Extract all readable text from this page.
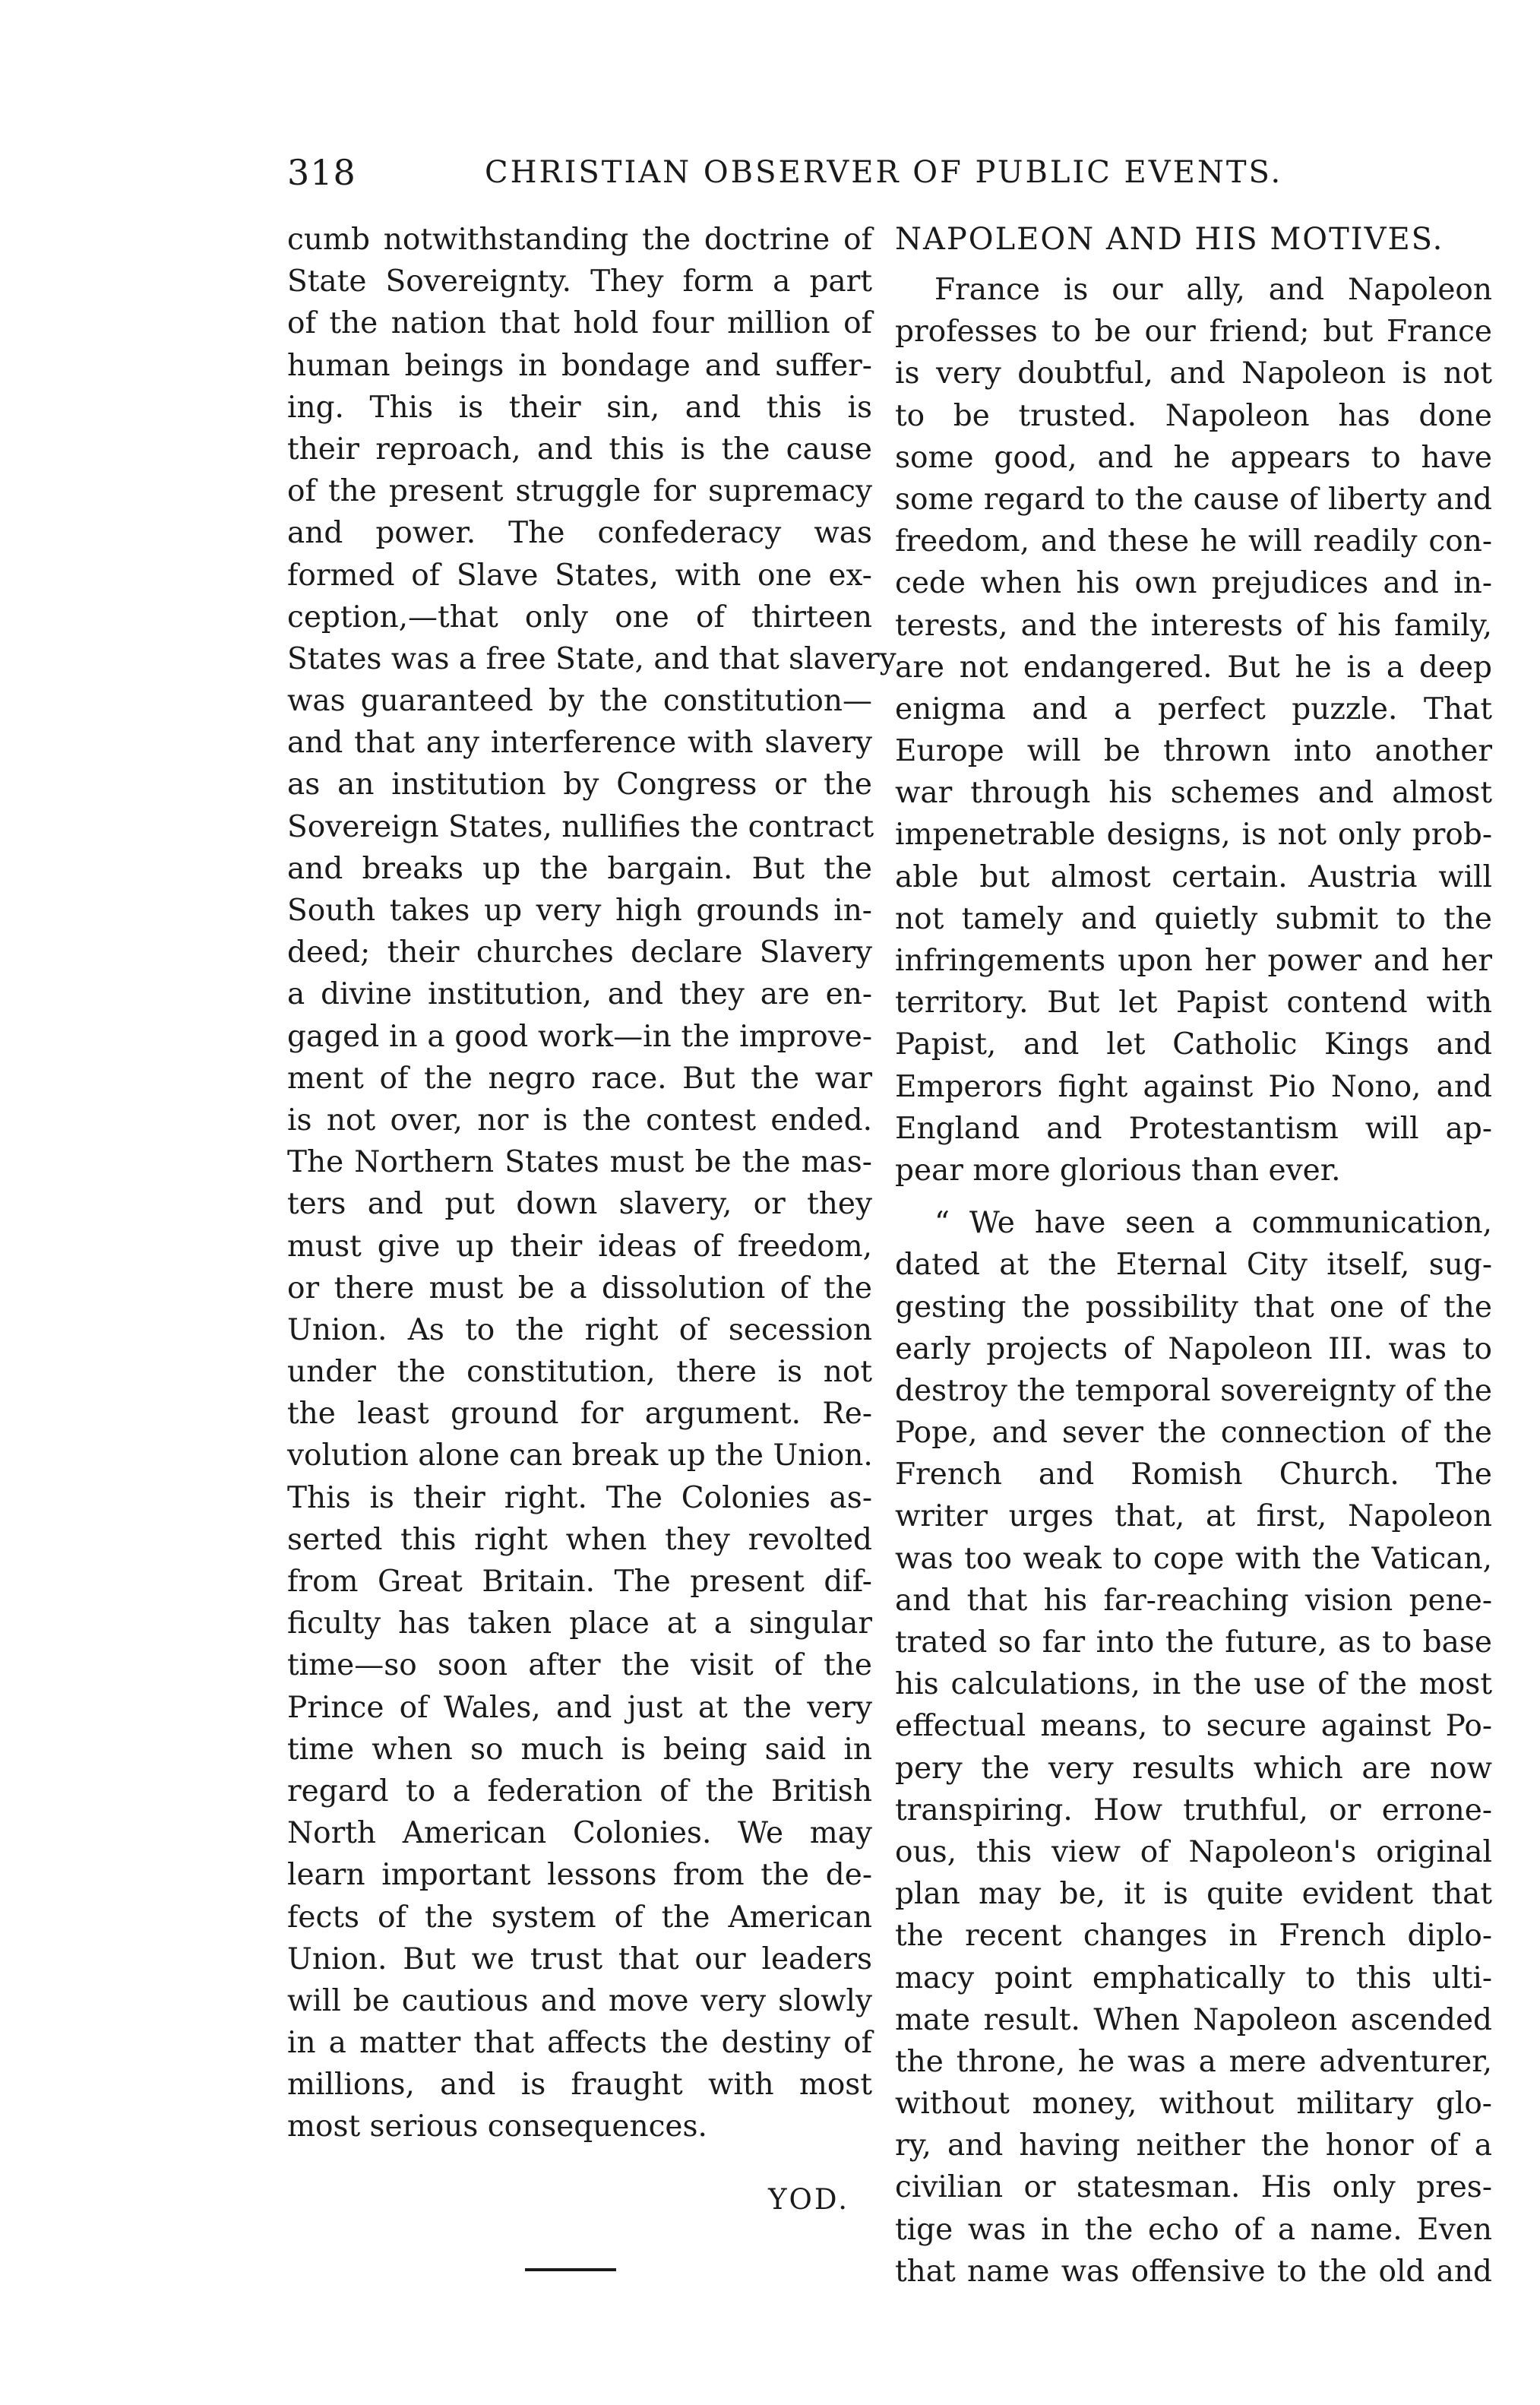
318	CHRISTIAN OBSERVER OF PUBLIC EVENTS.
cumb notwithstanding the doctrine of
State Sovereignty. They form a part
of the nation that hold four million of
human beings in bondage and suffer-
ing. This is their sin, and this is
their reproach, and this is the cause
of the present struggle for supremacy
and power. The confederacy was
formed of Slave States, with one ex-
ception,—that only one of thirteen
States was a free State, and that slavery
was guaranteed by the constitution—
and that any interference with slavery
as an institution by Congress or the
Sovereign States, nullifies the contract
and breaks up the bargain. But the
South takes up very high grounds in-
deed; their churches declare Slavery
a divine institution, and they are en-
gaged in a good work—in the improve-
ment of the negro race. But the war
is not over, nor is the contest ended.
The Northern States must be the mas-
ters and put down slavery, or they
must give up their ideas of freedom,
or there must be a dissolution of the
Union. As to the right of secession
under the constitution, there is not
the least ground for argument. Re-
volution alone can break up the Union.
This is their right. The Colonies as-
serted this right when they revolted
from Great Britain. The present dif-
ficulty has taken place at a singular
time—so soon after the visit of the
Prince of Wales, and just at the very
time when so much is being said in
regard to a federation of the British
North American Colonies. We may
learn important lessons from the de-
fects of the system of the American
Union. But we trust that our leaders
will be cautious and move very slowly
in a matter that affects the destiny of
millions, and is fraught with most
most serious consequences.
YOD.
NAPOLEON AND HIS MOTIVES.
France is our ally, and Napoleon
professes to be our friend; but France
is very doubtful, and Napoleon is not
to be trusted. Napoleon has done
some good, and he appears to have
some regard to the cause of liberty and
freedom, and these he will readily con-
cede when his own prejudices and in-
terests, and the interests of his family,
are not endangered. But he is a deep
enigma and a perfect puzzle. That
Europe will be thrown into another
war through his schemes and almost
impenetrable designs, is not only prob-
able but almost certain. Austria will
not tamely and quietly submit to the
infringements upon her power and her
territory. But let Papist contend with
Papist, and let Catholic Kings and
Emperors fight against Pio Nono, and
England and Protestantism will ap-
pear more glorious than ever.
“ We have seen a communication,
dated at the Eternal City itself, sug-
gesting the possibility that one of the
early projects of Napoleon III. was to
destroy the temporal sovereignty of the
Pope, and sever the connection of the
French and Romish Church. The
writer urges that, at first, Napoleon
was too weak to cope with the Vatican,
and that his far-reaching vision pene-
trated so far into the future, as to base
his calculations, in the use of the most
effectual means, to secure against Po-
pery the very results which are now
transpiring. How truthful, or errone-
ous, this view of Napoleon's original
plan may be, it is quite evident that
the recent changes in French diplo-
macy point emphatically to this ulti-
mate result. When Napoleon ascended
the throne, he was a mere adventurer,
without money, without military glo-
ry, and having neither the honor of a
civilian or statesman. His only pres-
tige was in the echo of a name. Even
that name was offensive to the old and
